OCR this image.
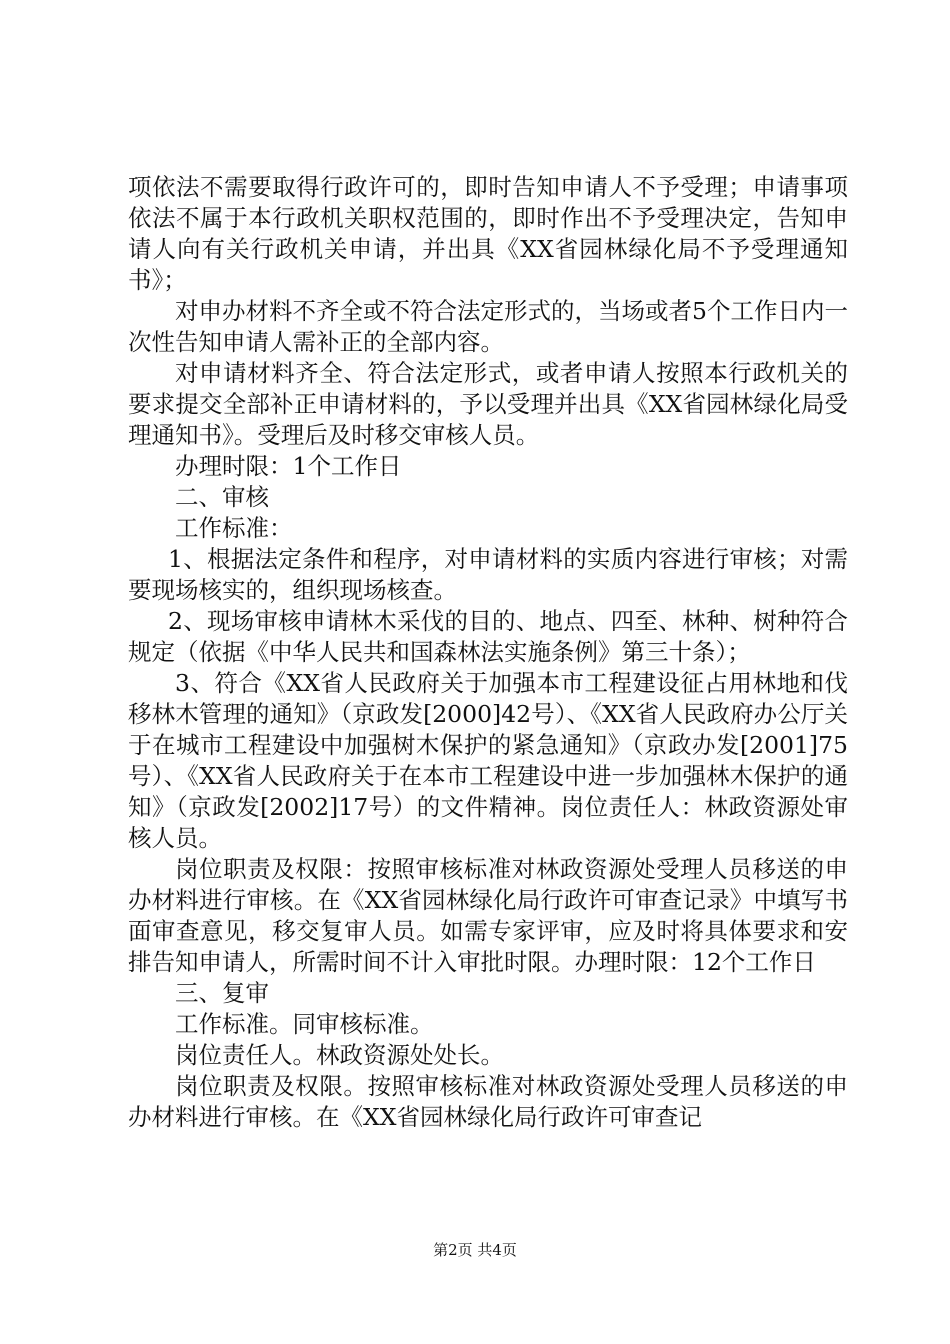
项依法不需要取得行政许可的，即时告知申请人不予受理；申请事项依法不属于本行政机关职权范围的，即时作出不予受理决定，告知申请人向有关行政机关申请，并出具《XX省园林绿化局不予受理通知书》；

对申办材料不齐全或不符合法定形式的，当场或者5个工作日内一次性告知申请人需补正的全部内容。

对申请材料齐全、符合法定形式，或者申请人按照本行政机关的要求提交全部补正申请材料的，予以受理并出具《XX省园林绿化局受理通知书》。受理后及时移交审核人员。

办理时限：1个工作日

二、审核

工作标准：

1、根据法定条件和程序，对申请材料的实质内容进行审核；对需要现场核实的，组织现场核查。

2、现场审核申请林木采伐的目的、地点、四至、林种、树种符合规定（依据《中华人民共和国森林法实施条例》第三十条）；

3、符合《XX省人民政府关于加强本市工程建设征占用林地和伐移林木管理的通知》（京政发[2000]42号）、《XX省人民政府办公厅关于在城市工程建设中加强树木保护的紧急通知》（京政办发[2001]75号）、《XX省人民政府关于在本市工程建设中进一步加强林木保护的通知》（京政发[2002]17号）的文件精神。岗位责任人：林政资源处审核人员。

岗位职责及权限：按照审核标准对林政资源处受理人员移送的申办材料进行审核。在《XX省园林绿化局行政许可审查记录》中填写书面审查意见，移交复审人员。如需专家评审，应及时将具体要求和安排告知申请人，所需时间不计入审批时限。办理时限：12个工作日

三、复审

工作标准。同审核标准。

岗位责任人。林政资源处处长。

岗位职责及权限。按照审核标准对林政资源处受理人员移送的申办材料进行审核。在《XX省园林绿化局行政许可审查记

第2页 共4页
